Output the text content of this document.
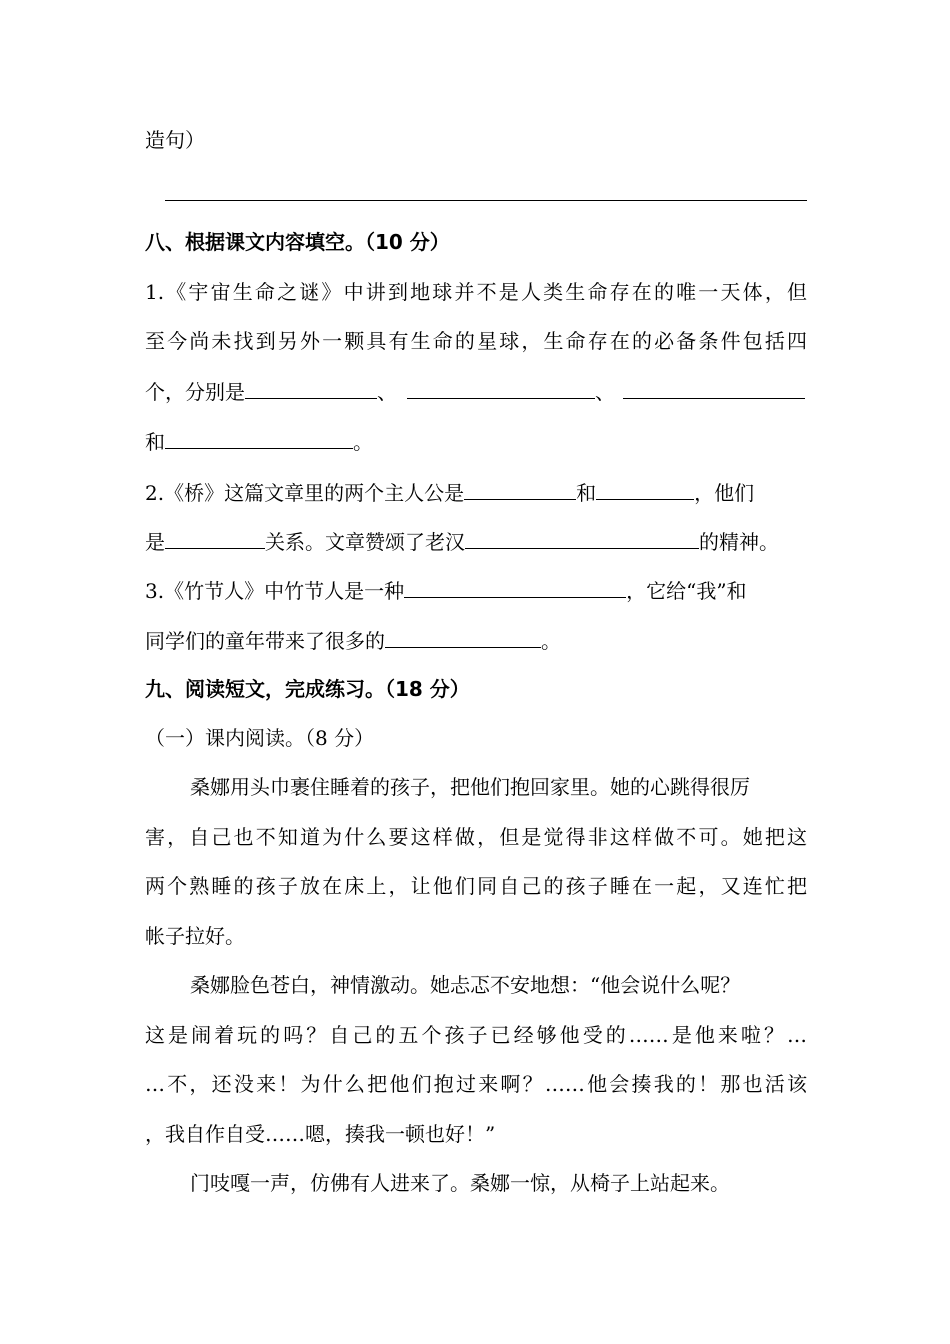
造句）
八、根据课文内容填空。（10 分）
1.《宇宙生命之谜》中讲到地球并不是人类生命存在的唯一天体，但
至今尚未找到另外一颗具有生命的星球，生命存在的必备条件包括四
个，分别是	、	、
和	。
2.《桥》这篇文章里的两个主人公是	和	，他们
是	关系。文章赞颂了老汉	的精神。
3.《竹节人》中竹节人是一种	，它给“我”和
同学们的童年带来了很多的	。
九、阅读短文，完成练习。（18 分）
（一）课内阅读。（8 分）
桑娜用头巾裹住睡着的孩子，把他们抱回家里。她的心跳得很厉
害，自己也不知道为什么要这样做，但是觉得非这样做不可。她把这
两个熟睡的孩子放在床上，让他们同自己的孩子睡在一起，又连忙把
帐子拉好。
桑娜脸色苍白，神情激动。她忐忑不安地想：“他会说什么呢？
这是闹着玩的吗？自己的五个孩子已经够他受的……是他来啦？…
…不，还没来！为什么把他们抱过来啊？……他会揍我的！那也活该
，我自作自受……嗯，揍我一顿也好！”
门吱嘎一声，仿佛有人进来了。桑娜一惊，从椅子上站起来。
